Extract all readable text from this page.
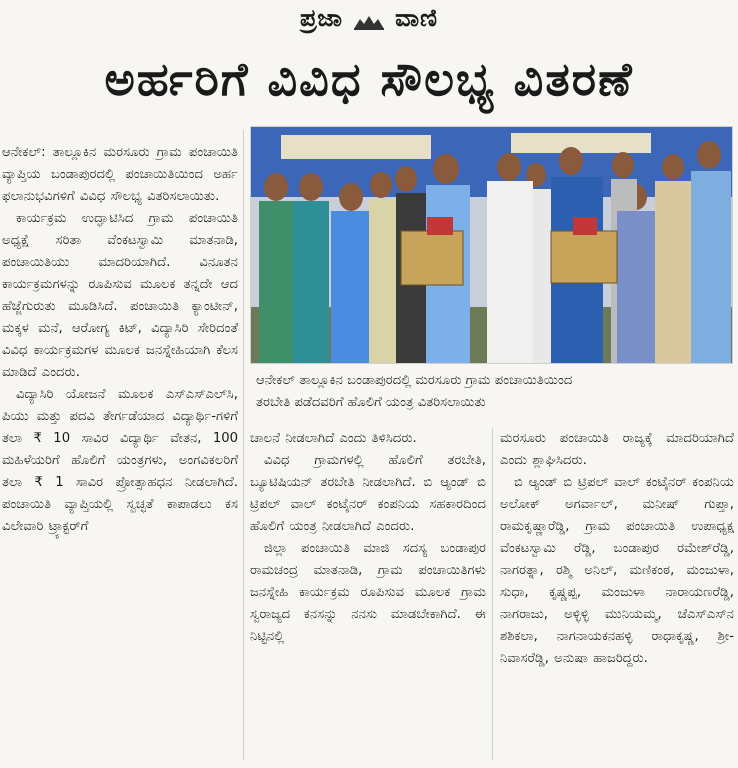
ಪ್ರಜಾ ವಾಣಿ
ಅರ್ಹರಿಗೆ ವಿವಿಧ ಸೌಲಭ್ಯ ವಿತರಣೆ

ಆನೇಕಲ್: ತಾಲ್ಲೂಕಿನ ಮರಸೂರು ಗ್ರಾಮ ಪಂಚಾಯಿತಿ ವ್ಯಾಪ್ತಿಯ ಬಂಡಾಪುರದಲ್ಲಿ ಪಂಚಾಯಿತಿಯಿಂದ ಅರ್ಹ ಫಲಾನುಭವಿಗಳಿಗೆ ವಿವಿಧ ಸೌಲಭ್ಯ ವಿತರಿಸಲಾಯಿತು.

ಕಾರ್ಯಕ್ರಮ ಉದ್ಘಾಟಿಸಿದ ಗ್ರಾಮ ಪಂಚಾಯಿತಿ ಅಧ್ಯಕ್ಷೆ ಸರಿತಾ ವೆಂಕಟಸ್ವಾಮಿ ಮಾತನಾಡಿ, ಪಂಚಾಯಿತಿಯು ಮಾದರಿಯಾಗಿದೆ. ವಿನೂತನ ಕಾರ್ಯಕ್ರಮಗಳನ್ನು ರೂಪಿಸುವ ಮೂಲಕ ತನ್ನದೇ ಆದ ಹೆಜ್ಜೆಗುರುತು ಮೂಡಿಸಿದೆ. ಪಂಚಾಯಿತಿ ಕ್ಯಾಂಟೀನ್, ಮಕ್ಕಳ ಮನೆ, ಆರೋಗ್ಯ ಕಿಟ್, ವಿದ್ಯಾಸಿರಿ ಸೇರಿದಂತೆ ವಿವಿಧ ಕಾರ್ಯಕ್ರಮಗಳ ಮೂಲಕ ಜನಸ್ನೇಹಿಯಾಗಿ ಕೆಲಸ ಮಾಡಿದೆ ಎಂದರು.

ವಿದ್ಯಾಸಿರಿ ಯೋಜನೆ ಮೂಲಕ ಎಸ್‌ಎಸ್‌ಎಲ್‌ಸಿ, ಪಿಯು ಮತ್ತು ಪದವಿ ತೇರ್ಗಡೆಯಾದ ವಿದ್ಯಾರ್ಥಿ-ಗಳಿಗೆ ತಲಾ ₹ 10 ಸಾವಿರ ವಿದ್ಯಾರ್ಥಿ ವೇತನ, 100 ಮಹಿಳೆಯರಿಗೆ ಹೊಲಿಗೆ ಯಂತ್ರಗಳು, ಅಂಗವಿಕಲರಿಗೆ ತಲಾ ₹ 1 ಸಾವಿರ ಪ್ರೋತ್ಸಾಹಧನ ನೀಡಲಾಗಿದೆ. ಪಂಚಾಯಿತಿ ವ್ಯಾಪ್ತಿಯಲ್ಲಿ ಸ್ವಚ್ಛತೆ ಕಾಪಾಡಲು ಕಸ ವಿಲೇವಾರಿ ಟ್ರ್ಯಾಕ್ಟರ್‌ಗೆ

ಆನೇಕಲ್ ತಾಲ್ಲೂಕಿನ ಬಂಡಾಪುರದಲ್ಲಿ ಮರಸೂರು ಗ್ರಾಮ ಪಂಚಾಯಿತಿಯಿಂದ
ತರಬೇತಿ ಪಡೆದವರಿಗೆ ಹೊಲಿಗೆ ಯಂತ್ರ ವಿತರಿಸಲಾಯಿತು

ಚಾಲನೆ ನೀಡಲಾಗಿದೆ ಎಂದು ತಿಳಿಸಿದರು.

ವಿವಿಧ ಗ್ರಾಮಗಳಲ್ಲಿ ಹೊಲಿಗೆ ತರಬೇತಿ, ಬ್ಯೂಟಿಷಿಯನ್ ತರಬೇತಿ ನೀಡಲಾಗಿದೆ. ಬಿ ಆ್ಯಂಡ್ ಬಿ ಟ್ರಿಪಲ್ ವಾಲ್ ಕಂಟೈನರ್ ಕಂಪನಿಯ ಸಹಕಾರದಿಂದ ಹೊಲಿಗೆ ಯಂತ್ರ ನೀಡಲಾಗಿದೆ ಎಂದರು.

ಜಿಲ್ಲಾ ಪಂಚಾಯಿತಿ ಮಾಜಿ ಸದಸ್ಯ ಬಂಡಾಪುರ ರಾಮಚಂದ್ರ ಮಾತನಾಡಿ, ಗ್ರಾಮ ಪಂಚಾಯಿತಿಗಳು ಜನಸ್ನೇಹಿ ಕಾರ್ಯಕ್ರಮ ರೂಪಿಸುವ ಮೂಲಕ ಗ್ರಾಮ ಸ್ವರಾಜ್ಯದ ಕನಸನ್ನು ನನಸು ಮಾಡಬೇಕಾಗಿದೆ. ಈ ನಿಟ್ಟಿನಲ್ಲಿ

ಮರಸೂರು ಪಂಚಾಯಿತಿ ರಾಜ್ಯಕ್ಕೆ ಮಾದರಿಯಾಗಿದೆ ಎಂದು ಶ್ಲಾಘಿಸಿದರು.

ಬಿ ಆ್ಯಂಡ್ ಬಿ ಟ್ರಿಪಲ್ ವಾಲ್ ಕಂಟೈನರ್ ಕಂಪನಿಯ ಅಲೋಕ್ ಅಗರ್ವಾಲ್, ಮನೀಷ್ ಗುಪ್ತಾ, ರಾಮಕೃಷ್ಣಾರೆಡ್ಡಿ, ಗ್ರಾಮ ಪಂಚಾಯಿತಿ ಉಪಾಧ್ಯಕ್ಷ ವೆಂಕಟಸ್ವಾಮಿ ರೆಡ್ಡಿ, ಬಂಡಾಪುರ ರಮೇಶ್‌ರೆಡ್ಡಿ, ನಾಗರತ್ನಾ, ರಶ್ಮಿ ಅನಿಲ್, ಮಣಿಕಂಠ, ಮಂಜುಳಾ, ಸುಧಾ, ಕೃಷ್ಣಪ್ಪ, ಮಂಜುಳಾ ನಾರಾಯಣರೆಡ್ಡಿ, ನಾಗರಾಜು, ಅಳ್ಳಿಳ್ಳಿ ಮುನಿಯಮ್ಮ, ಜೆಎಸ್‌ಎಸ್‌ನ ಶಶಿಕಲಾ, ನಾಗನಾಯಕನಹಳ್ಳಿ ರಾಧಾಕೃಷ್ಣ, ಶ್ರೀ-ನಿವಾಸರೆಡ್ಡಿ, ಅನುಷಾ ಹಾಜರಿದ್ದರು.
